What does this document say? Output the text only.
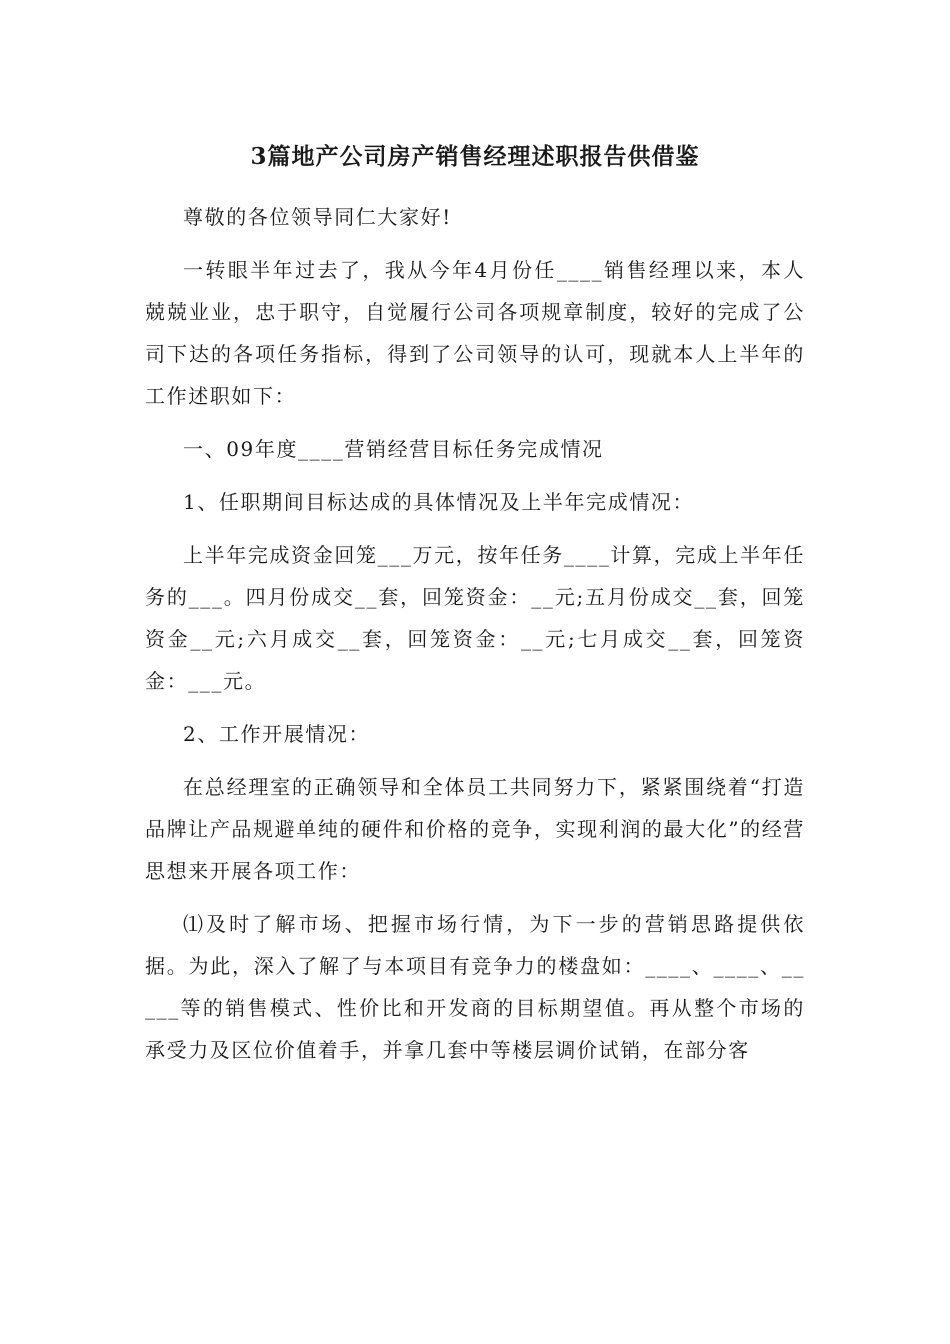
3篇地产公司房产销售经理述职报告供借鉴

尊敬的各位领导同仁大家好!

一转眼半年过去了，我从今年4月份任____销售经理以来，本人兢兢业业，忠于职守，自觉履行公司各项规章制度，较好的完成了公司下达的各项任务指标，得到了公司领导的认可，现就本人上半年的工作述职如下：

一、09年度____营销经营目标任务完成情况

1、任职期间目标达成的具体情况及上半年完成情况：

上半年完成资金回笼___万元，按年任务____计算，完成上半年任务的___。四月份成交__套，回笼资金：__元;五月份成交__套，回笼资金__元;六月成交__套，回笼资金：__元;七月成交__套，回笼资金：___元。

2、工作开展情况：

在总经理室的正确领导和全体员工共同努力下，紧紧围绕着“打造品牌让产品规避单纯的硬件和价格的竞争，实现利润的最大化”的经营思想来开展各项工作：

⑴及时了解市场、把握市场行情，为下一步的营销思路提供依据。为此，深入了解了与本项目有竞争力的楼盘如：____、____、_____等的销售模式、性价比和开发商的目标期望值。再从整个市场的承受力及区位价值着手，并拿几套中等楼层调价试销，在部分客
